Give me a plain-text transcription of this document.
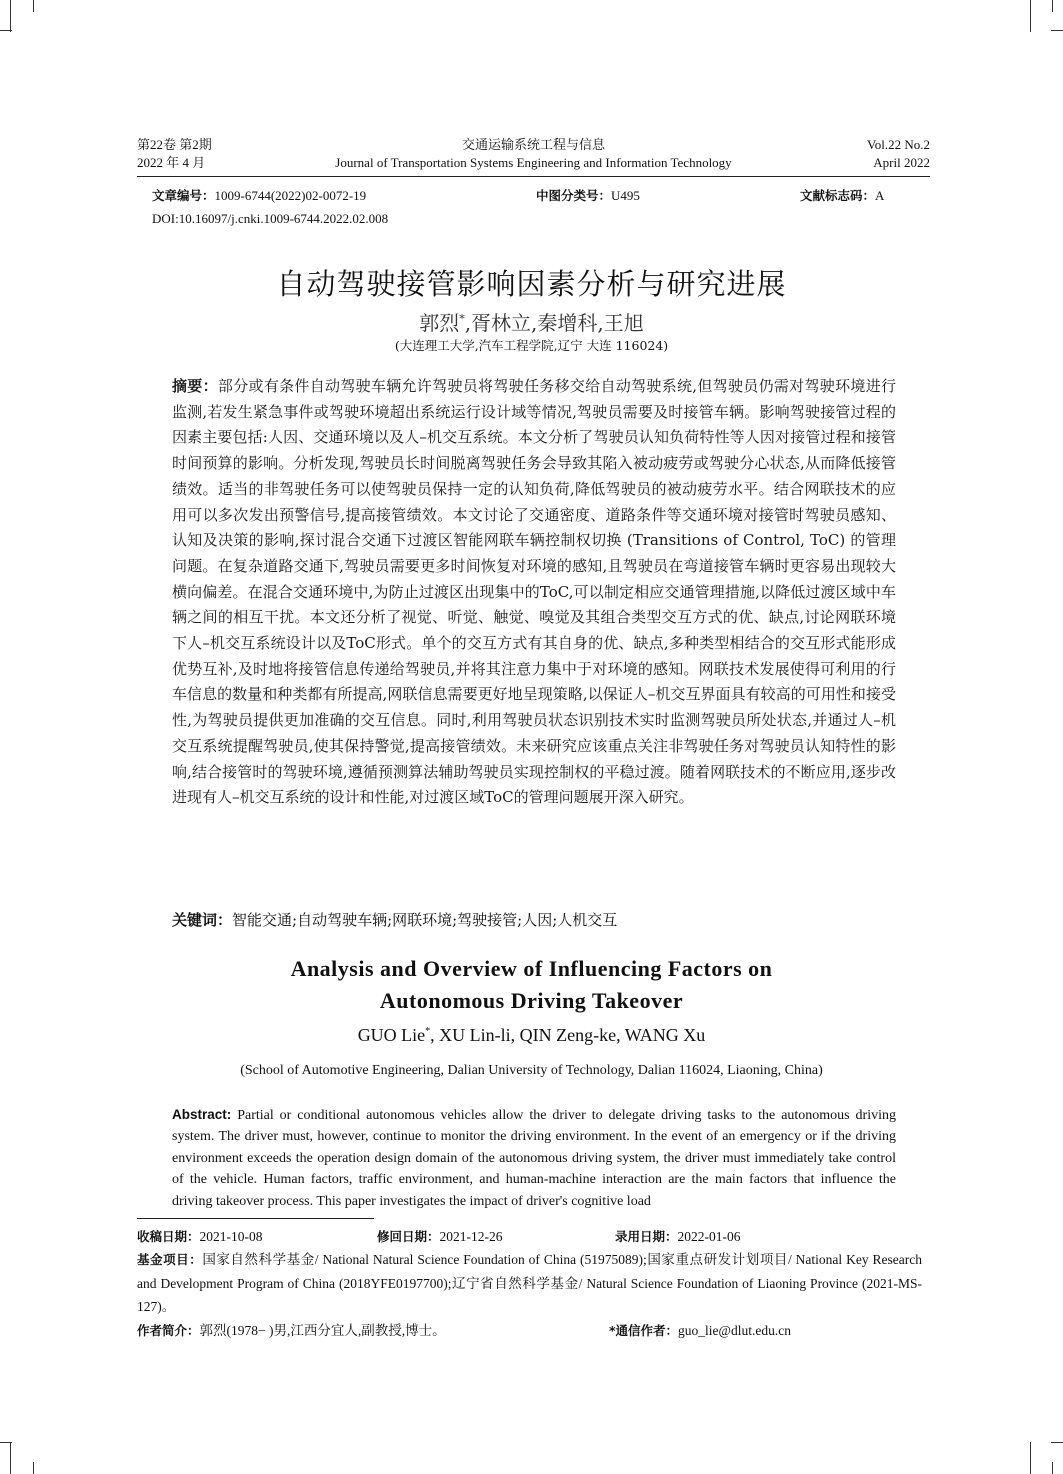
第22卷 第2期
2022 年 4 月
交通运输系统工程与信息
Journal of Transportation Systems Engineering and Information Technology
Vol.22 No.2
April 2022
文章编号：1009-6744(2022)02-0072-19	中图分类号：U495	文献标志码：A
DOI:10.16097/j.cnki.1009-6744.2022.02.008
自动驾驶接管影响因素分析与研究进展
郭烈*,胥林立,秦增科,王旭
(大连理工大学,汽车工程学院,辽宁 大连 116024)
摘要：部分或有条件自动驾驶车辆允许驾驶员将驾驶任务移交给自动驾驶系统,但驾驶员仍需对驾驶环境进行监测,若发生紧急事件或驾驶环境超出系统运行设计域等情况,驾驶员需要及时接管车辆。影响驾驶接管过程的因素主要包括:人因、交通环境以及人–机交互系统。本文分析了驾驶员认知负荷特性等人因对接管过程和接管时间预算的影响。分析发现,驾驶员长时间脱离驾驶任务会导致其陷入被动疲劳或驾驶分心状态,从而降低接管绩效。适当的非驾驶任务可以使驾驶员保持一定的认知负荷,降低驾驶员的被动疲劳水平。结合网联技术的应用可以多次发出预警信号,提高接管绩效。本文讨论了交通密度、道路条件等交通环境对接管时驾驶员感知、认知及决策的影响,探讨混合交通下过渡区智能网联车辆控制权切换 (Transitions of Control, ToC) 的管理问题。在复杂道路交通下,驾驶员需要更多时间恢复对环境的感知,且驾驶员在弯道接管车辆时更容易出现较大横向偏差。在混合交通环境中,为防止过渡区出现集中的ToC,可以制定相应交通管理措施,以降低过渡区域中车辆之间的相互干扰。本文还分析了视觉、听觉、触觉、嗅觉及其组合类型交互方式的优、缺点,讨论网联环境下人–机交互系统设计以及ToC形式。单个的交互方式有其自身的优、缺点,多种类型相结合的交互形式能形成优势互补,及时地将接管信息传递给驾驶员,并将其注意力集中于对环境的感知。网联技术发展使得可利用的行车信息的数量和种类都有所提高,网联信息需要更好地呈现策略,以保证人–机交互界面具有较高的可用性和接受性,为驾驶员提供更加准确的交互信息。同时,利用驾驶员状态识别技术实时监测驾驶员所处状态,并通过人–机交互系统提醒驾驶员,使其保持警觉,提高接管绩效。未来研究应该重点关注非驾驶任务对驾驶员认知特性的影响,结合接管时的驾驶环境,遵循预测算法辅助驾驶员实现控制权的平稳过渡。随着网联技术的不断应用,逐步改进现有人–机交互系统的设计和性能,对过渡区域ToC的管理问题展开深入研究。
关键词：智能交通;自动驾驶车辆;网联环境;驾驶接管;人因;人机交互
Analysis and Overview of Influencing Factors on
Autonomous Driving Takeover
GUO Lie*, XU Lin-li, QIN Zeng-ke, WANG Xu
(School of Automotive Engineering, Dalian University of Technology, Dalian 116024, Liaoning, China)
Abstract: Partial or conditional autonomous vehicles allow the driver to delegate driving tasks to the autonomous driving system. The driver must, however, continue to monitor the driving environment. In the event of an emergency or if the driving environment exceeds the operation design domain of the autonomous driving system, the driver must immediately take control of the vehicle. Human factors, traffic environment, and human-machine interaction are the main factors that influence the driving takeover process. This paper investigates the impact of driver's cognitive load
收稿日期：2021-10-08	修回日期：2021-12-26	录用日期：2022-01-06
基金项目：国家自然科学基金/ National Natural Science Foundation of China (51975089);国家重点研发计划项目/ National Key Research and Development Program of China (2018YFE0197700);辽宁省自然科学基金/ Natural Science Foundation of Liaoning Province (2021-MS-127)。
作者简介：郭烈(1978− )男,江西分宜人,副教授,博士。	*通信作者：guo_lie@dlut.edu.cn
